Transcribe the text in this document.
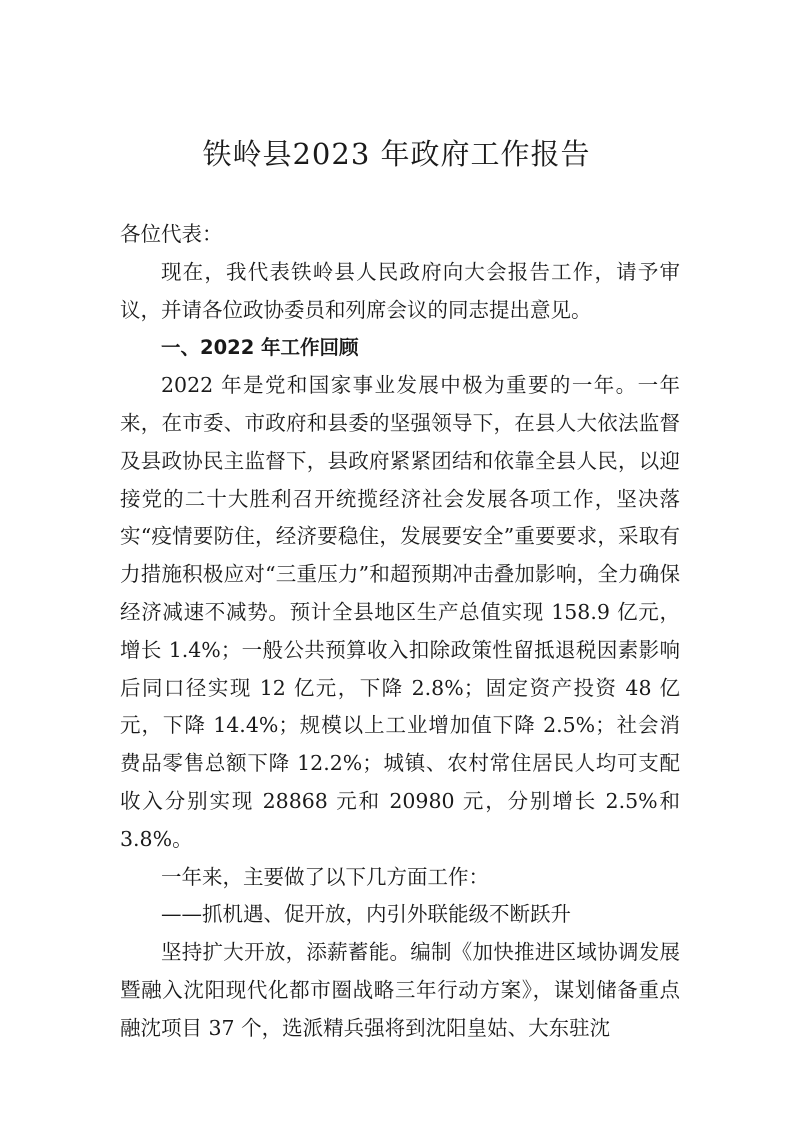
铁岭县2023 年政府工作报告

各位代表：

现在，我代表铁岭县人民政府向大会报告工作，请予审议，并请各位政协委员和列席会议的同志提出意见。

一、2022 年工作回顾

2022 年是党和国家事业发展中极为重要的一年。一年来，在市委、市政府和县委的坚强领导下，在县人大依法监督及县政协民主监督下，县政府紧紧团结和依靠全县人民，以迎接党的二十大胜利召开统揽经济社会发展各项工作，坚决落实“疫情要防住，经济要稳住，发展要安全”重要要求，采取有力措施积极应对“三重压力”和超预期冲击叠加影响，全力确保经济减速不减势。预计全县地区生产总值实现 158.9 亿元，增长 1.4%；一般公共预算收入扣除政策性留抵退税因素影响后同口径实现 12 亿元，下降 2.8%；固定资产投资 48 亿元，下降 14.4%；规模以上工业增加值下降 2.5%；社会消费品零售总额下降 12.2%；城镇、农村常住居民人均可支配收入分别实现 28868 元和 20980 元，分别增长 2.5%和 3.8%。

一年来，主要做了以下几方面工作：

——抓机遇、促开放，内引外联能级不断跃升

坚持扩大开放，添薪蓄能。编制《加快推进区域协调发展暨融入沈阳现代化都市圈战略三年行动方案》，谋划储备重点融沈项目 37 个，选派精兵强将到沈阳皇姑、大东驻沈
